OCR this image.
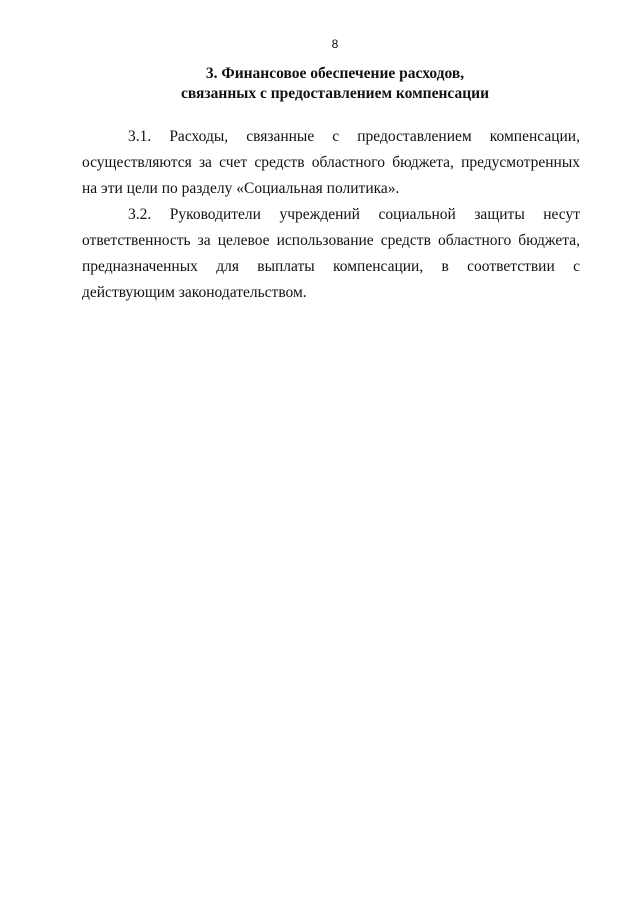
8
3. Финансовое обеспечение расходов,
связанных с предоставлением компенсации
3.1. Расходы, связанные с предоставлением компенсации,
осуществляются за счет средств областного бюджета, предусмотренных
на эти цели по разделу «Социальная политика».
3.2. Руководители учреждений социальной защиты несут
ответственность за целевое использование средств областного бюджета,
предназначенных для выплаты компенсации, в соответствии с
действующим законодательством.
